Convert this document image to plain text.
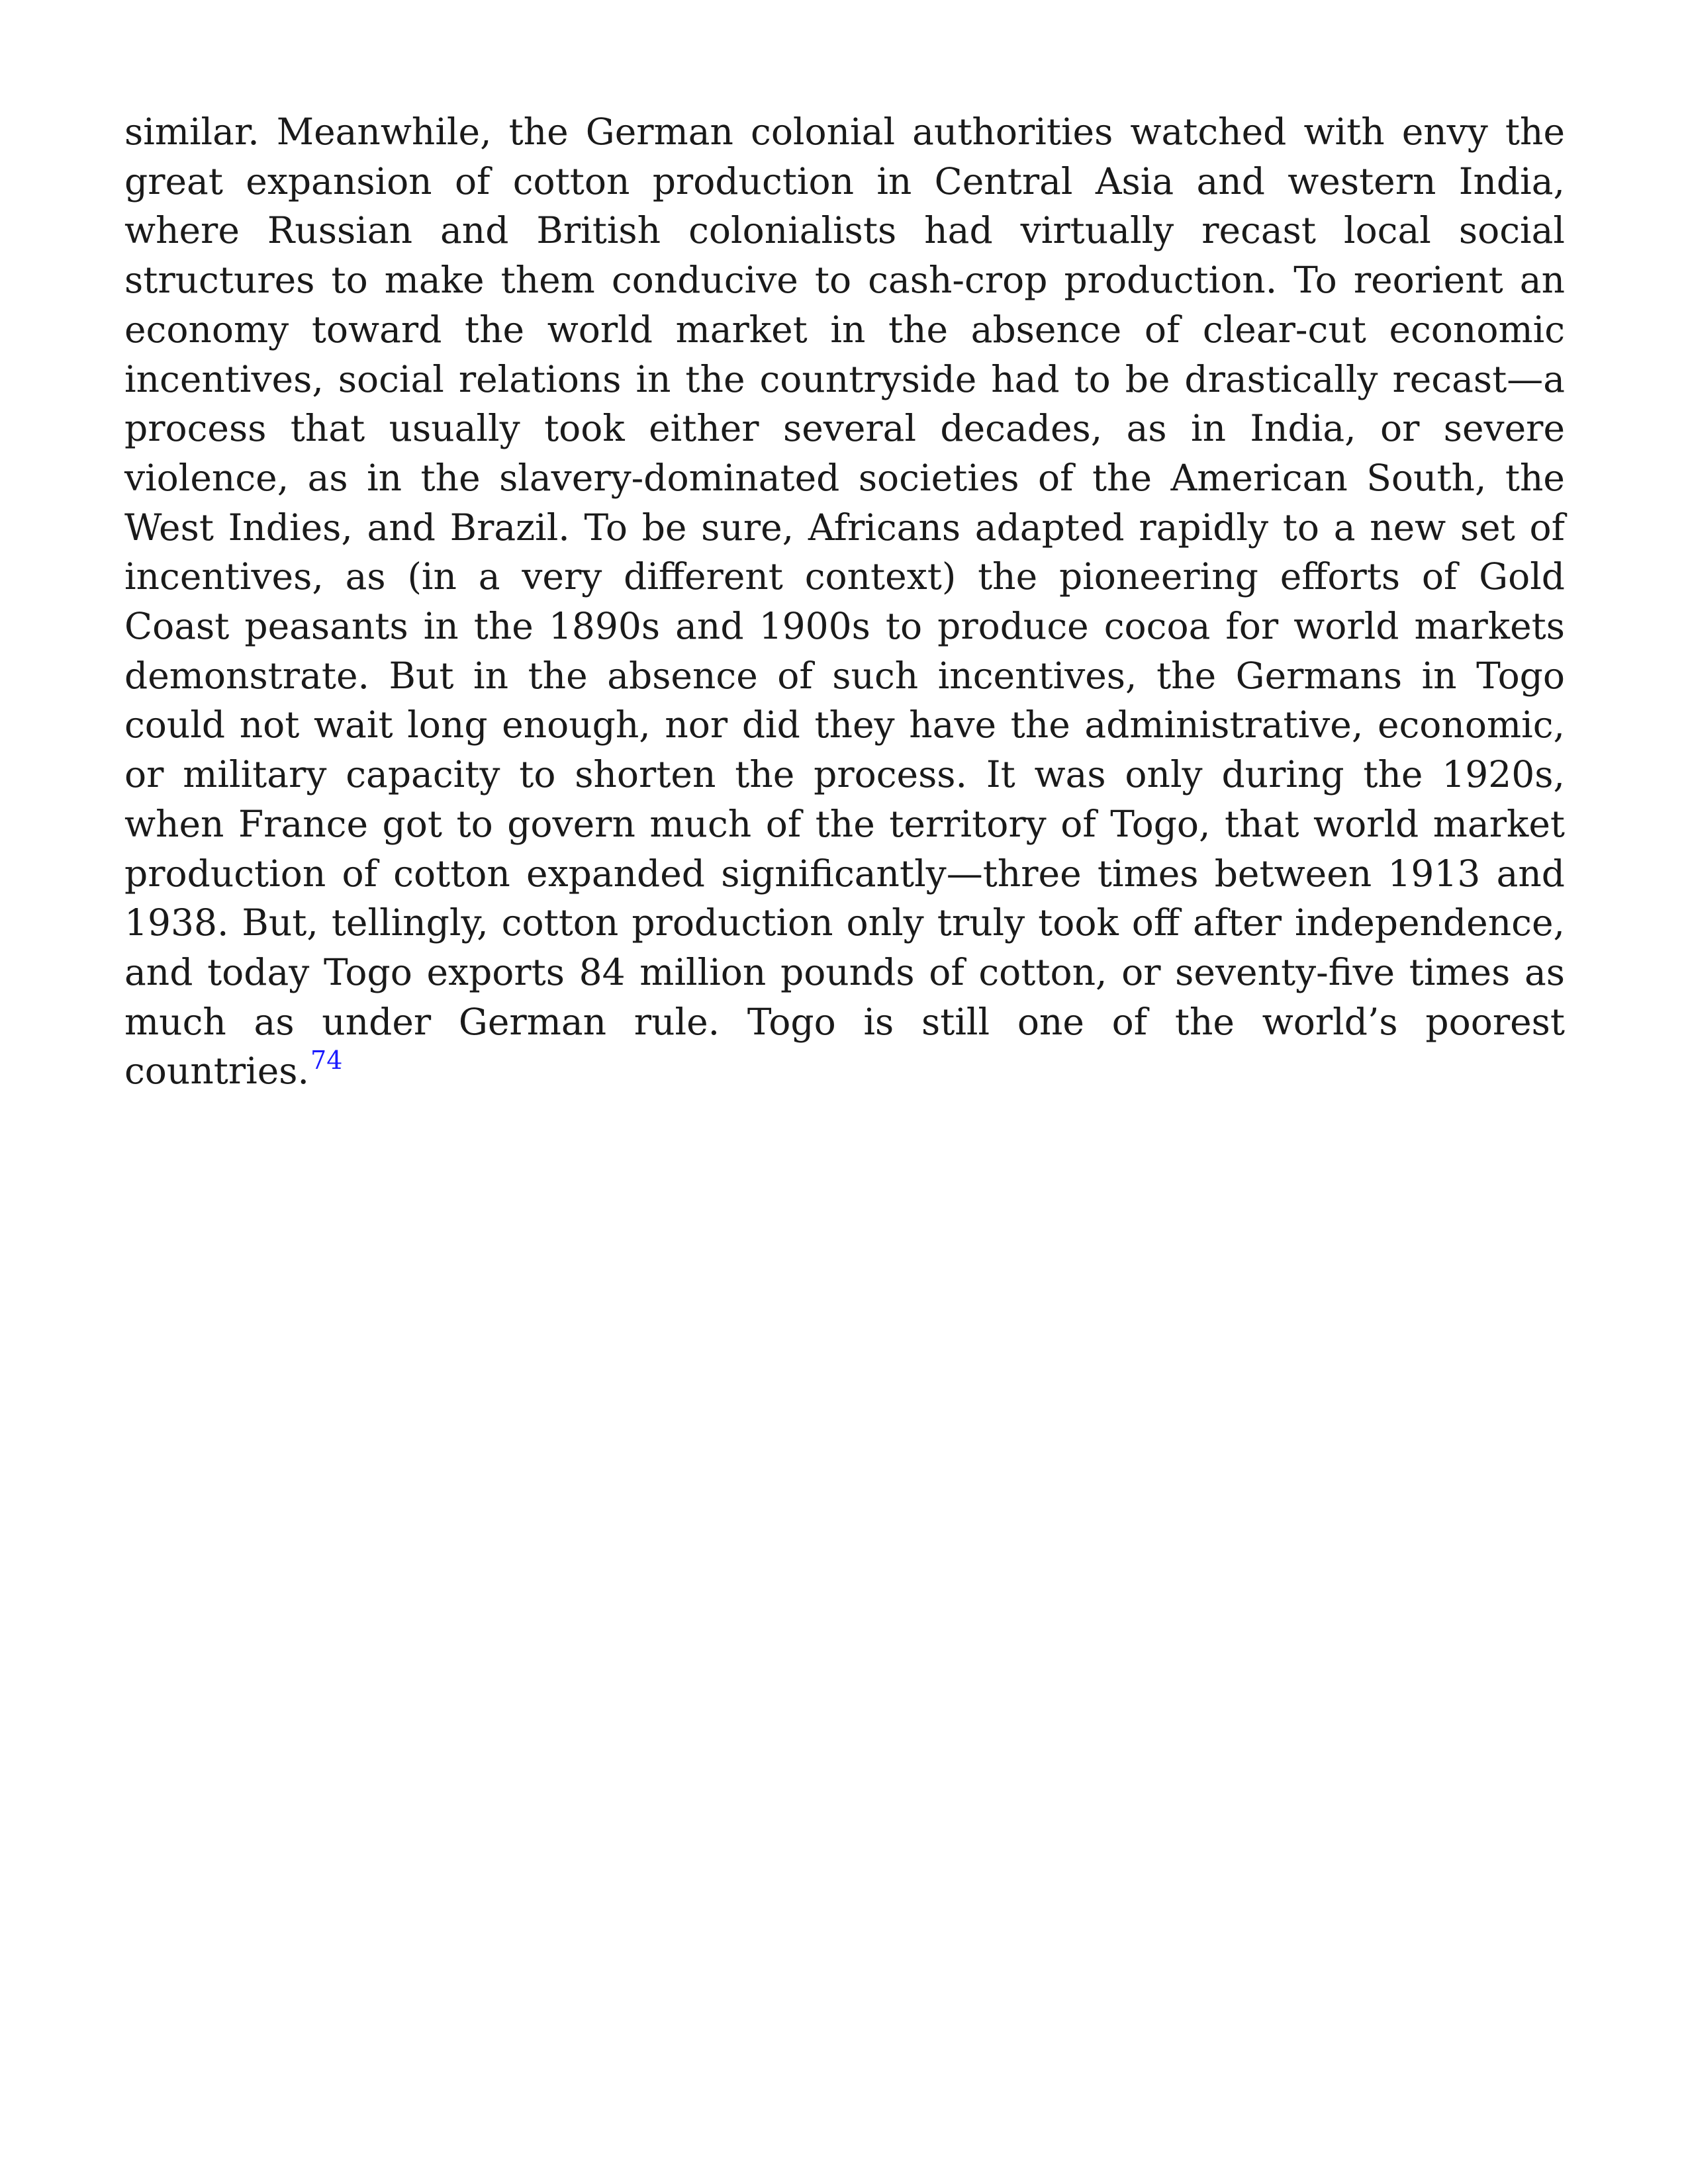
similar. Meanwhile, the German colonial authorities watched with envy the great expansion of cotton production in Central Asia and western India, where Russian and British colonialists had virtually recast local social structures to make them conducive to cash-crop production. To reorient an economy toward the world market in the absence of clear-cut economic incentives, social relations in the countryside had to be drastically recast—a process that usually took either several decades, as in India, or severe violence, as in the slavery-dominated societies of the American South, the West Indies, and Brazil. To be sure, Africans adapted rapidly to a new set of incentives, as (in a very different context) the pioneering efforts of Gold Coast peasants in the 1890s and 1900s to produce cocoa for world markets demonstrate. But in the absence of such incentives, the Germans in Togo could not wait long enough, nor did they have the administrative, economic, or military capacity to shorten the process. It was only during the 1920s, when France got to govern much of the territory of Togo, that world market production of cotton expanded significantly—three times between 1913 and 1938. But, tellingly, cotton production only truly took off after independence, and today Togo exports 84 million pounds of cotton, or seventy-five times as much as under German rule. Togo is still one of the world’s poorest countries.$^{74}$
